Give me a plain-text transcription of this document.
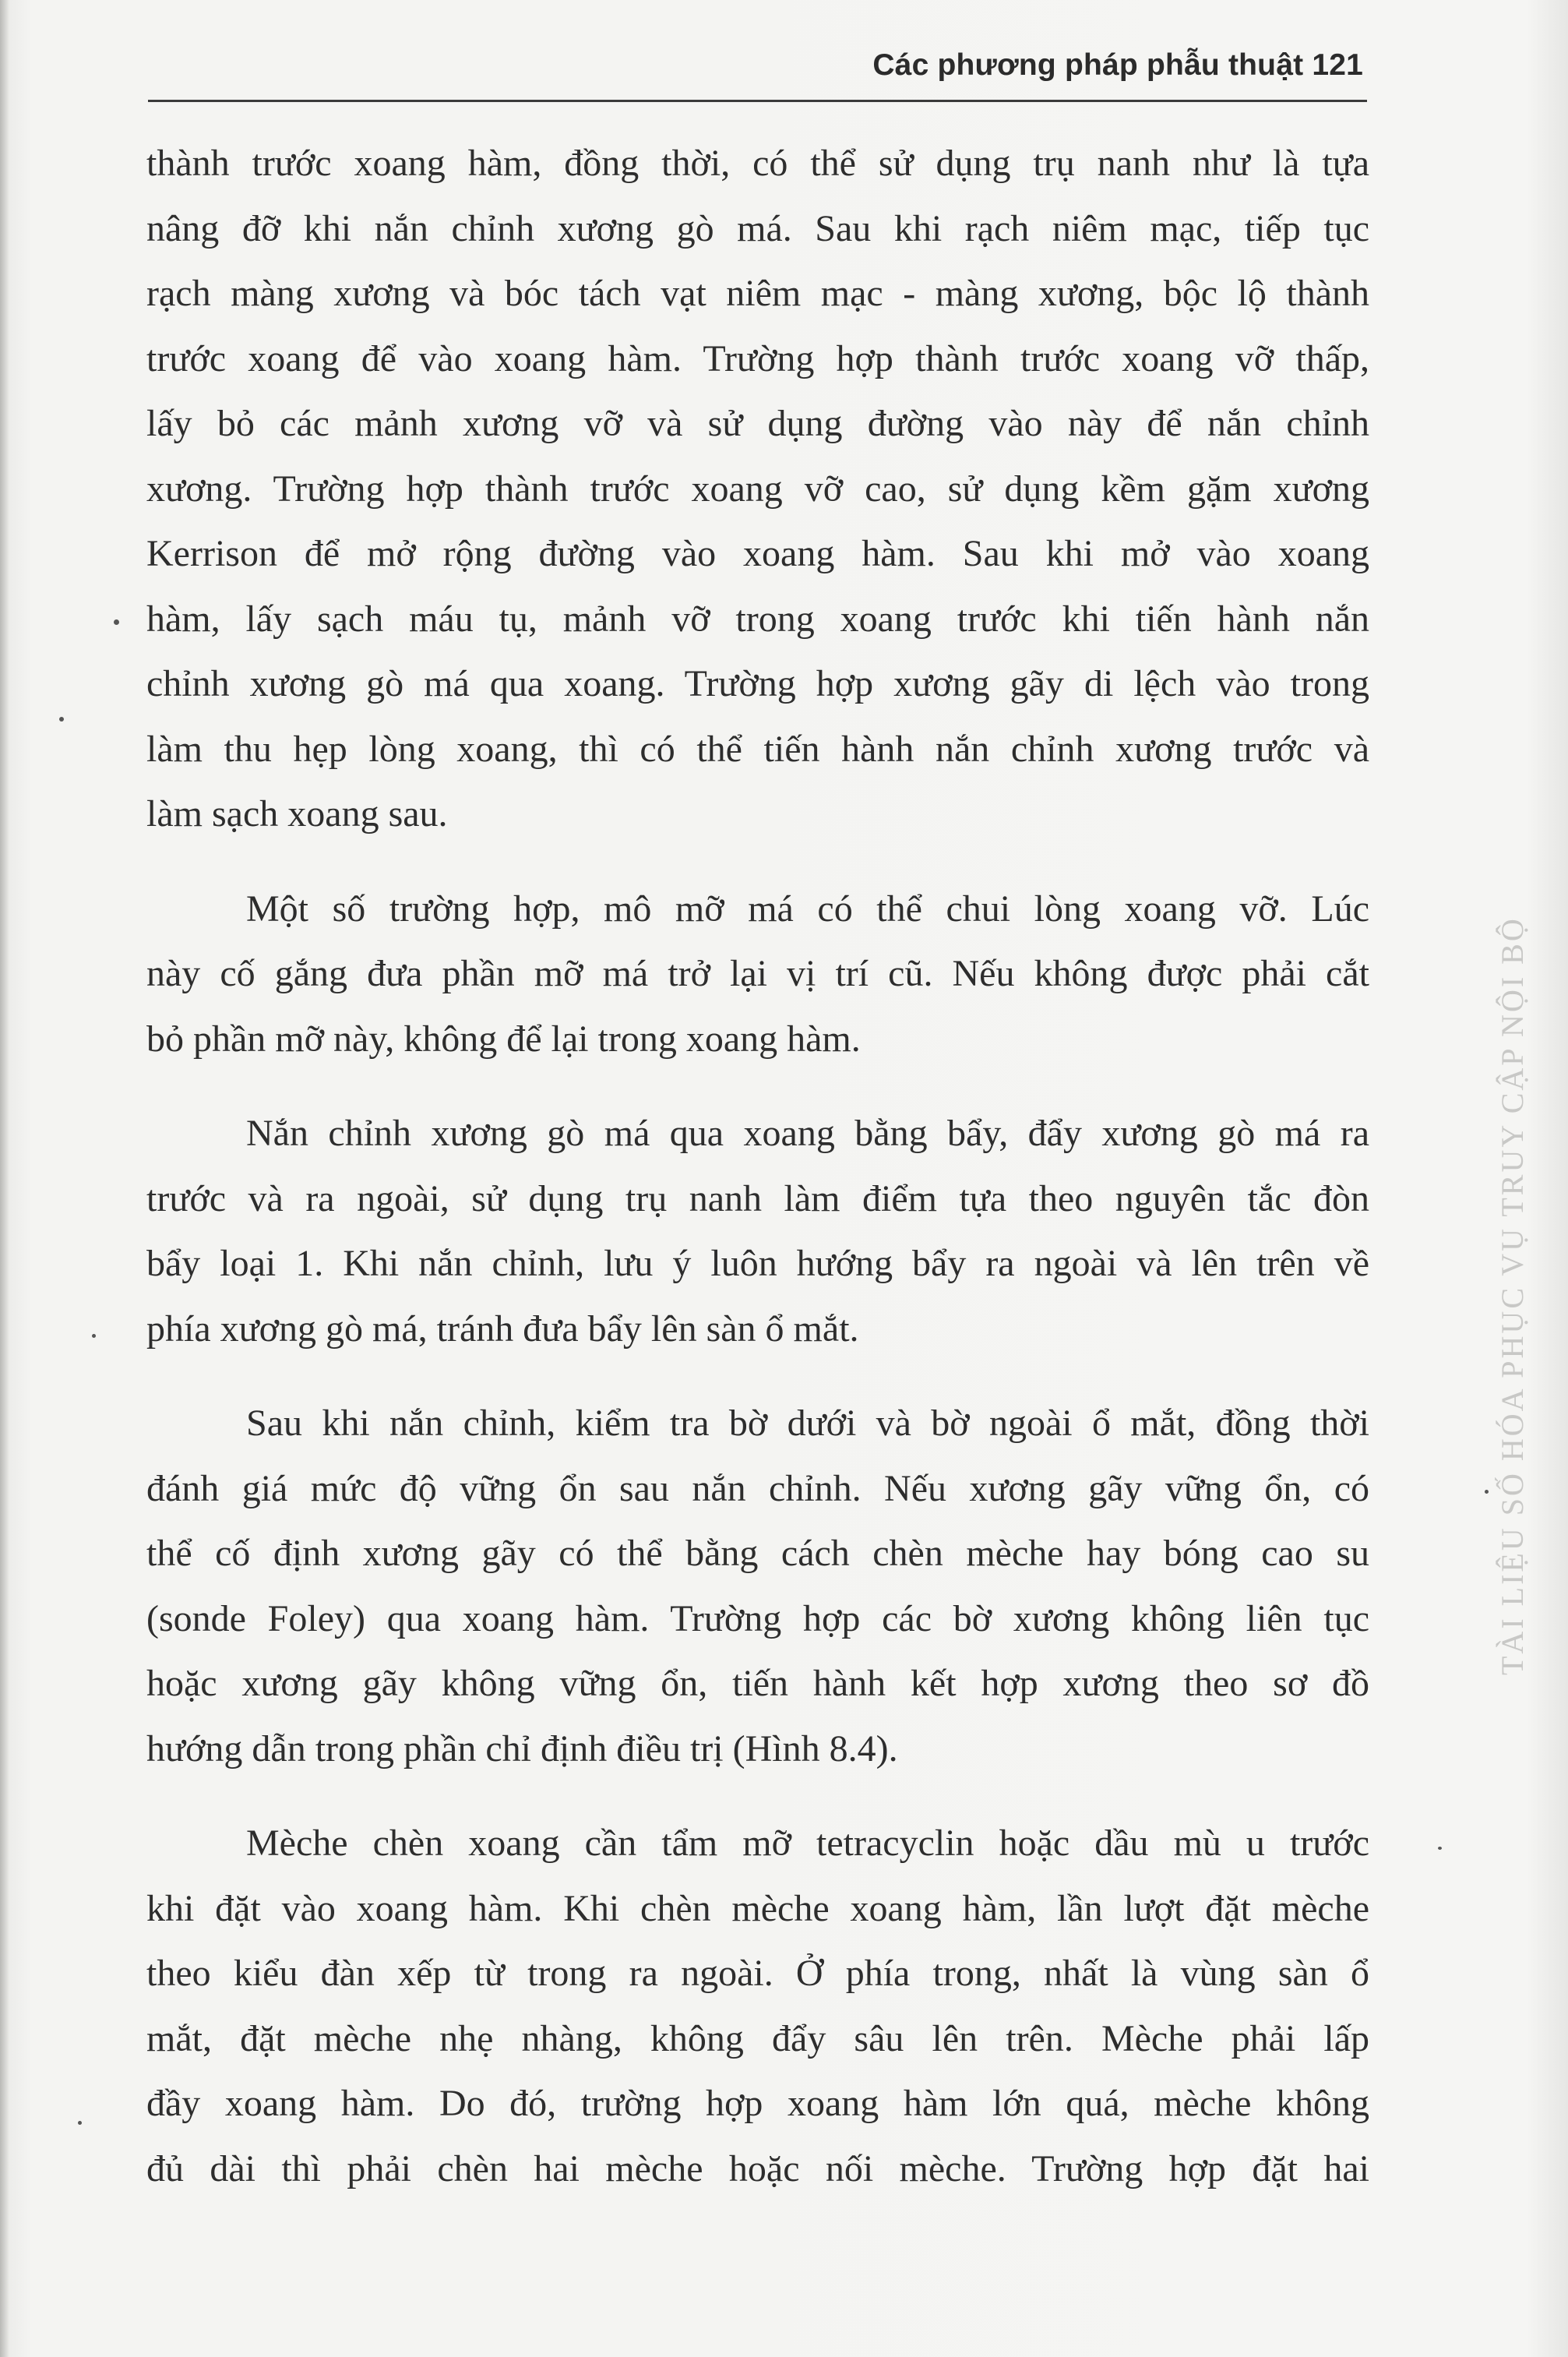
Các phương pháp phẫu thuật 121
thành trước xoang hàm, đồng thời, có thể sử dụng trụ nanh như là tựa
nâng đỡ khi nắn chỉnh xương gò má. Sau khi rạch niêm mạc, tiếp tục
rạch màng xương và bóc tách vạt niêm mạc - màng xương, bộc lộ thành
trước xoang để vào xoang hàm. Trường hợp thành trước xoang vỡ thấp,
lấy bỏ các mảnh xương vỡ và sử dụng đường vào này để nắn chỉnh
xương. Trường hợp thành trước xoang vỡ cao, sử dụng kềm gặm xương
Kerrison để mở rộng đường vào xoang hàm. Sau khi mở vào xoang
hàm, lấy sạch máu tụ, mảnh vỡ trong xoang trước khi tiến hành nắn
chỉnh xương gò má qua xoang. Trường hợp xương gãy di lệch vào trong
làm thu hẹp lòng xoang, thì có thể tiến hành nắn chỉnh xương trước và
làm sạch xoang sau.
Một số trường hợp, mô mỡ má có thể chui lòng xoang vỡ. Lúc
này cố gắng đưa phần mỡ má trở lại vị trí cũ. Nếu không được phải cắt
bỏ phần mỡ này, không để lại trong xoang hàm.
Nắn chỉnh xương gò má qua xoang bằng bẩy, đẩy xương gò má ra
trước và ra ngoài, sử dụng trụ nanh làm điểm tựa theo nguyên tắc đòn
bẩy loại 1. Khi nắn chỉnh, lưu ý luôn hướng bẩy ra ngoài và lên trên về
phía xương gò má, tránh đưa bẩy lên sàn ổ mắt.
Sau khi nắn chỉnh, kiểm tra bờ dưới và bờ ngoài ổ mắt, đồng thời
đánh giá mức độ vững ổn sau nắn chỉnh. Nếu xương gãy vững ổn, có
thể cố định xương gãy có thể bằng cách chèn mèche hay bóng cao su
(sonde Foley) qua xoang hàm. Trường hợp các bờ xương không liên tục
hoặc xương gãy không vững ổn, tiến hành kết hợp xương theo sơ đồ
hướng dẫn trong phần chỉ định điều trị (Hình 8.4).
Mèche chèn xoang cần tẩm mỡ tetracyclin hoặc dầu mù u trước
khi đặt vào xoang hàm. Khi chèn mèche xoang hàm, lần lượt đặt mèche
theo kiểu đàn xếp từ trong ra ngoài. Ở phía trong, nhất là vùng sàn ổ
mắt, đặt mèche nhẹ nhàng, không đẩy sâu lên trên. Mèche phải lấp
đầy xoang hàm. Do đó, trường hợp xoang hàm lớn quá, mèche không
đủ dài thì phải chèn hai mèche hoặc nối mèche. Trường hợp đặt hai
TÀI LIỆU SỐ HÓA PHỤC VỤ TRUY CẬP NỘI BỘ
